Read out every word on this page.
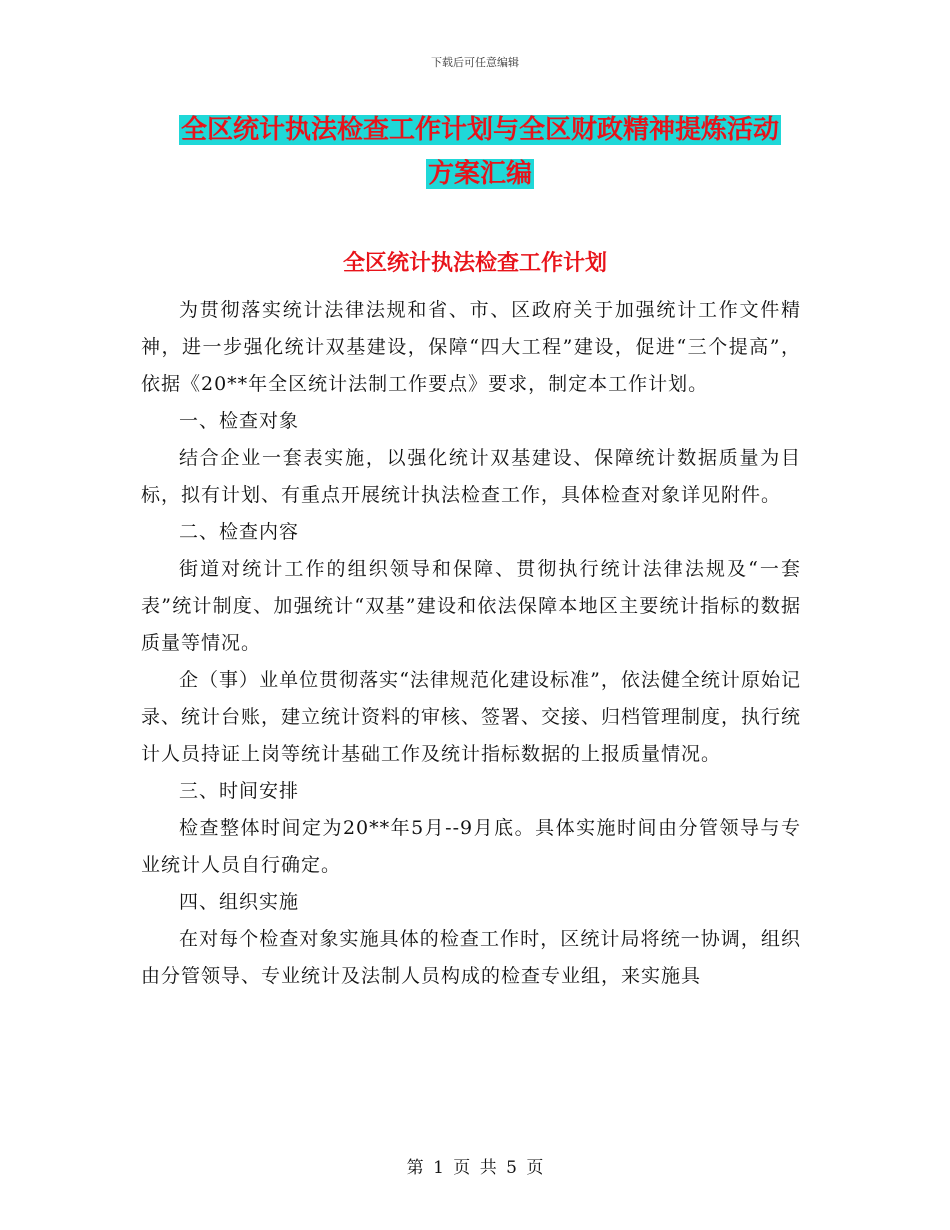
下载后可任意编辑
全区统计执法检查工作计划与全区财政精神提炼活动
方案汇编
全区统计执法检查工作计划

为贯彻落实统计法律法规和省、市、区政府关于加强统计工作文件精神，进一步强化统计双基建设，保障“四大工程”建设，促进“三个提高”，依据《20**年全区统计法制工作要点》要求，制定本工作计划。

一、检查对象

结合企业一套表实施，以强化统计双基建设、保障统计数据质量为目标，拟有计划、有重点开展统计执法检查工作，具体检查对象详见附件。

二、检查内容

街道对统计工作的组织领导和保障、贯彻执行统计法律法规及“一套表”统计制度、加强统计“双基”建设和依法保障本地区主要统计指标的数据质量等情况。

企（事）业单位贯彻落实“法律规范化建设标准”，依法健全统计原始记录、统计台账，建立统计资料的审核、签署、交接、归档管理制度，执行统计人员持证上岗等统计基础工作及统计指标数据的上报质量情况。

三、时间安排

检查整体时间定为20**年5月--9月底。具体实施时间由分管领导与专业统计人员自行确定。

四、组织实施

在对每个检查对象实施具体的检查工作时，区统计局将统一协调，组织由分管领导、专业统计及法制人员构成的检查专业组，来实施具

第 1 页 共 5 页
